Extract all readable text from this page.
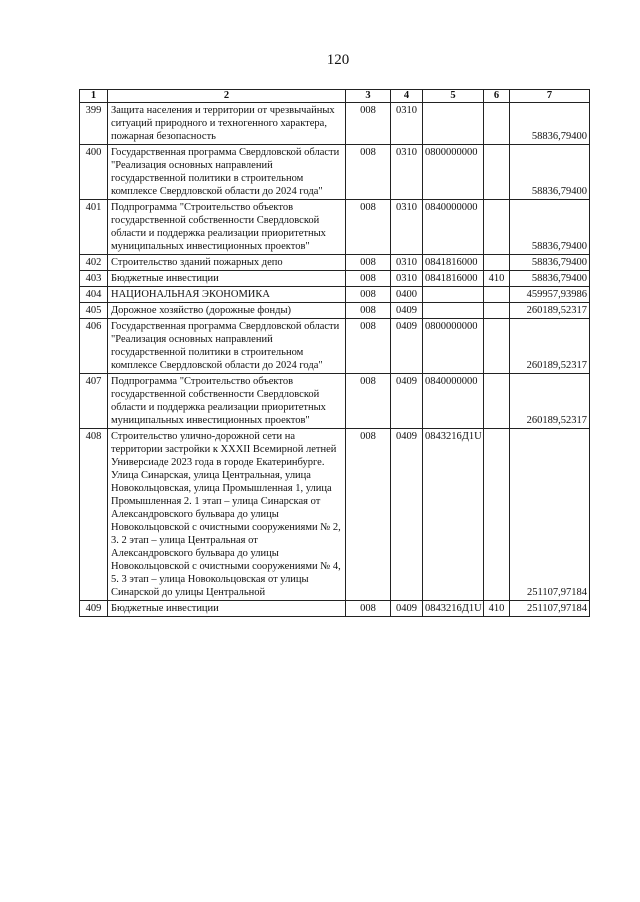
120
1	2	3	4	5	6	7
399	Защита населения и территории от чрезвычайных ситуаций природного и техногенного характера, пожарная безопасность	008	0310			58836,79400
400	Государственная программа Свердловской области "Реализация основных направлений государственной политики в строительном комплексе Свердловской области до 2024 года"	008	0310	0800000000		58836,79400
401	Подпрограмма "Строительство объектов государственной собственности Свердловской области и поддержка реализации приоритетных муниципальных инвестиционных проектов"	008	0310	0840000000		58836,79400
402	Строительство зданий пожарных депо	008	0310	0841816000		58836,79400
403	Бюджетные инвестиции	008	0310	0841816000	410	58836,79400
404	НАЦИОНАЛЬНАЯ ЭКОНОМИКА	008	0400			459957,93986
405	Дорожное хозяйство (дорожные фонды)	008	0409			260189,52317
406	Государственная программа Свердловской области "Реализация основных направлений государственной политики в строительном комплексе Свердловской области до 2024 года"	008	0409	0800000000		260189,52317
407	Подпрограмма "Строительство объектов государственной собственности Свердловской области и поддержка реализации приоритетных муниципальных инвестиционных проектов"	008	0409	0840000000		260189,52317
408	Строительство улично-дорожной сети на территории застройки к XXXII Всемирной летней Универсиаде 2023 года в городе Екатеринбурге. Улица Синарская, улица Центральная, улица Новокольцовская, улица Промышленная 1, улица Промышленная 2. 1 этап – улица Синарская от Александровского бульвара до улицы Новокольцовской с очистными сооружениями № 2, 3. 2 этап – улица Центральная от Александровского бульвара до улицы Новокольцовской с очистными сооружениями № 4, 5. 3 этап – улица Новокольцовская от улицы Синарской до улицы Центральной	008	0409	0843216Д1U		251107,97184
409	Бюджетные инвестиции	008	0409	0843216Д1U	410	251107,97184
